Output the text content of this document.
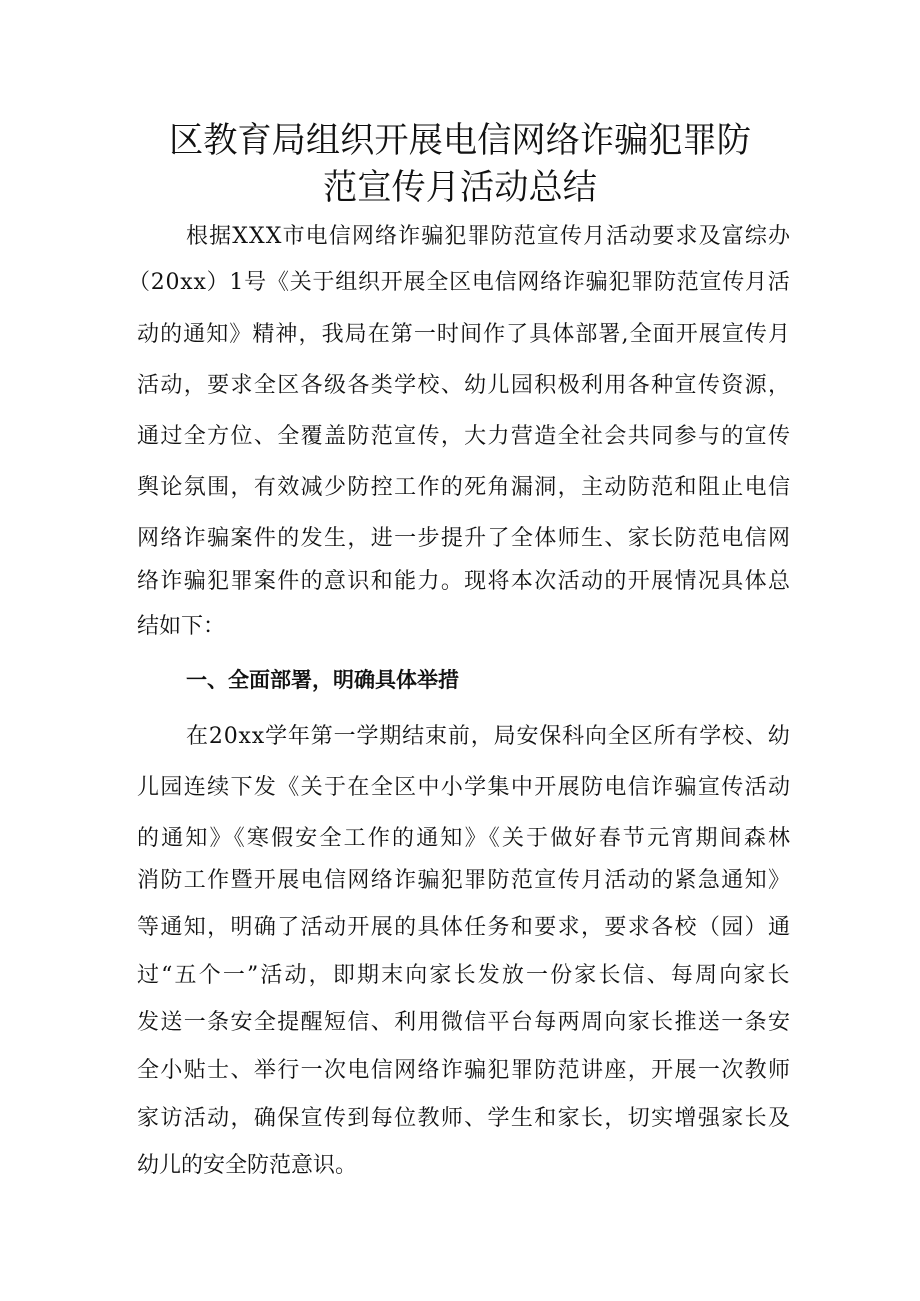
区教育局组织开展电信网络诈骗犯罪防
范宣传月活动总结
根据XXX市电信网络诈骗犯罪防范宣传月活动要求及富综办
（20xx）1号《关于组织开展全区电信网络诈骗犯罪防范宣传月活
动的通知》精神，我局在第一时间作了具体部署,全面开展宣传月
活动，要求全区各级各类学校、幼儿园积极利用各种宣传资源，
通过全方位、全覆盖防范宣传，大力营造全社会共同参与的宣传
舆论氛围，有效减少防控工作的死角漏洞，主动防范和阻止电信
网络诈骗案件的发生，进一步提升了全体师生、家长防范电信网
络诈骗犯罪案件的意识和能力。现将本次活动的开展情况具体总
结如下：
一、全面部署，明确具体举措
在20xx学年第一学期结束前，局安保科向全区所有学校、幼
儿园连续下发《关于在全区中小学集中开展防电信诈骗宣传活动
的通知》《寒假安全工作的通知》《关于做好春节元宵期间森林
消防工作暨开展电信网络诈骗犯罪防范宣传月活动的紧急通知》
等通知，明确了活动开展的具体任务和要求，要求各校（园）通
过“五个一”活动，即期末向家长发放一份家长信、每周向家长
发送一条安全提醒短信、利用微信平台每两周向家长推送一条安
全小贴士、举行一次电信网络诈骗犯罪防范讲座，开展一次教师
家访活动，确保宣传到每位教师、学生和家长，切实增强家长及
幼儿的安全防范意识。
